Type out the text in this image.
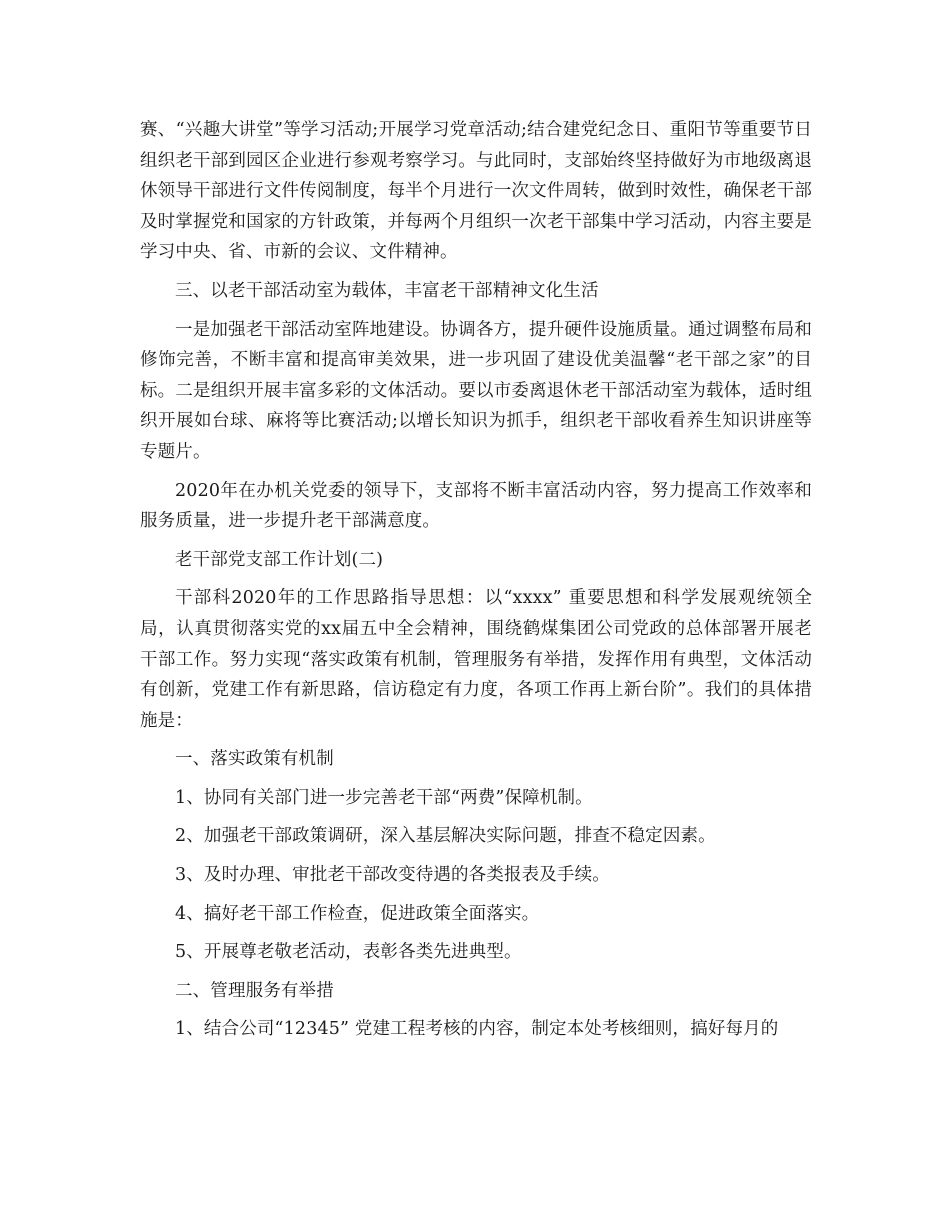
赛、“兴趣大讲堂”等学习活动;开展学习党章活动;结合建党纪念日、重阳节等重要节日组织老干部到园区企业进行参观考察学习。与此同时，支部始终坚持做好为市地级离退休领导干部进行文件传阅制度，每半个月进行一次文件周转，做到时效性，确保老干部及时掌握党和国家的方针政策，并每两个月组织一次老干部集中学习活动，内容主要是学习中央、省、市新的会议、文件精神。

三、以老干部活动室为载体，丰富老干部精神文化生活

一是加强老干部活动室阵地建设。协调各方，提升硬件设施质量。通过调整布局和修饰完善，不断丰富和提高审美效果，进一步巩固了建设优美温馨“老干部之家”的目标。二是组织开展丰富多彩的文体活动。要以市委离退休老干部活动室为载体，适时组织开展如台球、麻将等比赛活动;以增长知识为抓手，组织老干部收看养生知识讲座等专题片。

2020年在办机关党委的领导下，支部将不断丰富活动内容，努力提高工作效率和服务质量，进一步提升老干部满意度。

老干部党支部工作计划(二)

干部科2020年的工作思路指导思想：以“xxxx” 重要思想和科学发展观统领全局，认真贯彻落实党的xx届五中全会精神，围绕鹤煤集团公司党政的总体部署开展老干部工作。努力实现“落实政策有机制，管理服务有举措，发挥作用有典型，文体活动有创新，党建工作有新思路，信访稳定有力度，各项工作再上新台阶”。我们的具体措施是：

一、落实政策有机制

1、协同有关部门进一步完善老干部“两费”保障机制。

2、加强老干部政策调研，深入基层解决实际问题，排查不稳定因素。

3、及时办理、审批老干部改变待遇的各类报表及手续。

4、搞好老干部工作检查，促进政策全面落实。

5、开展尊老敬老活动，表彰各类先进典型。

二、管理服务有举措

1、结合公司“12345” 党建工程考核的内容，制定本处考核细则，搞好每月的
